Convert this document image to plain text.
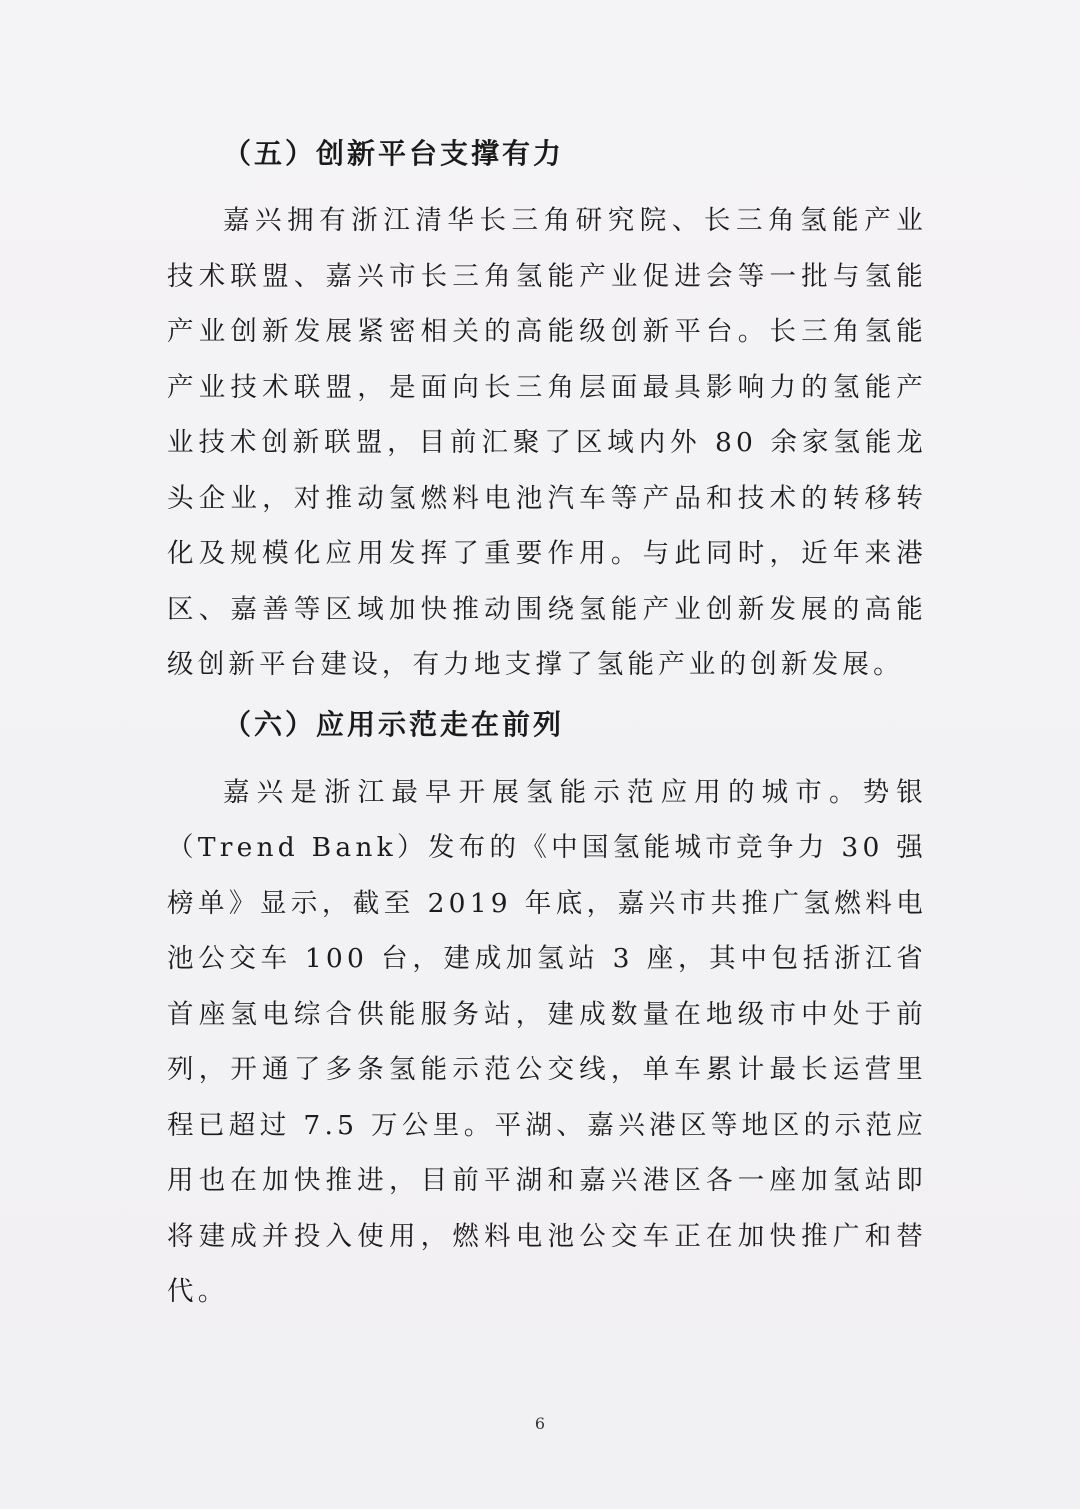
（五）创新平台支撑有力

嘉兴拥有浙江清华长三角研究院、长三角氢能产业技术联盟、嘉兴市长三角氢能产业促进会等一批与氢能产业创新发展紧密相关的高能级创新平台。长三角氢能产业技术联盟，是面向长三角层面最具影响力的氢能产业技术创新联盟，目前汇聚了区域内外 80 余家氢能龙头企业，对推动氢燃料电池汽车等产品和技术的转移转化及规模化应用发挥了重要作用。与此同时，近年来港区、嘉善等区域加快推动围绕氢能产业创新发展的高能级创新平台建设，有力地支撑了氢能产业的创新发展。

（六）应用示范走在前列

嘉兴是浙江最早开展氢能示范应用的城市。势银（Trend Bank）发布的《中国氢能城市竞争力 30 强榜单》显示，截至 2019 年底，嘉兴市共推广氢燃料电池公交车 100 台，建成加氢站 3 座，其中包括浙江省首座氢电综合供能服务站，建成数量在地级市中处于前列，开通了多条氢能示范公交线，单车累计最长运营里程已超过 7.5 万公里。平湖、嘉兴港区等地区的示范应用也在加快推进，目前平湖和嘉兴港区各一座加氢站即将建成并投入使用，燃料电池公交车正在加快推广和替代。

6
